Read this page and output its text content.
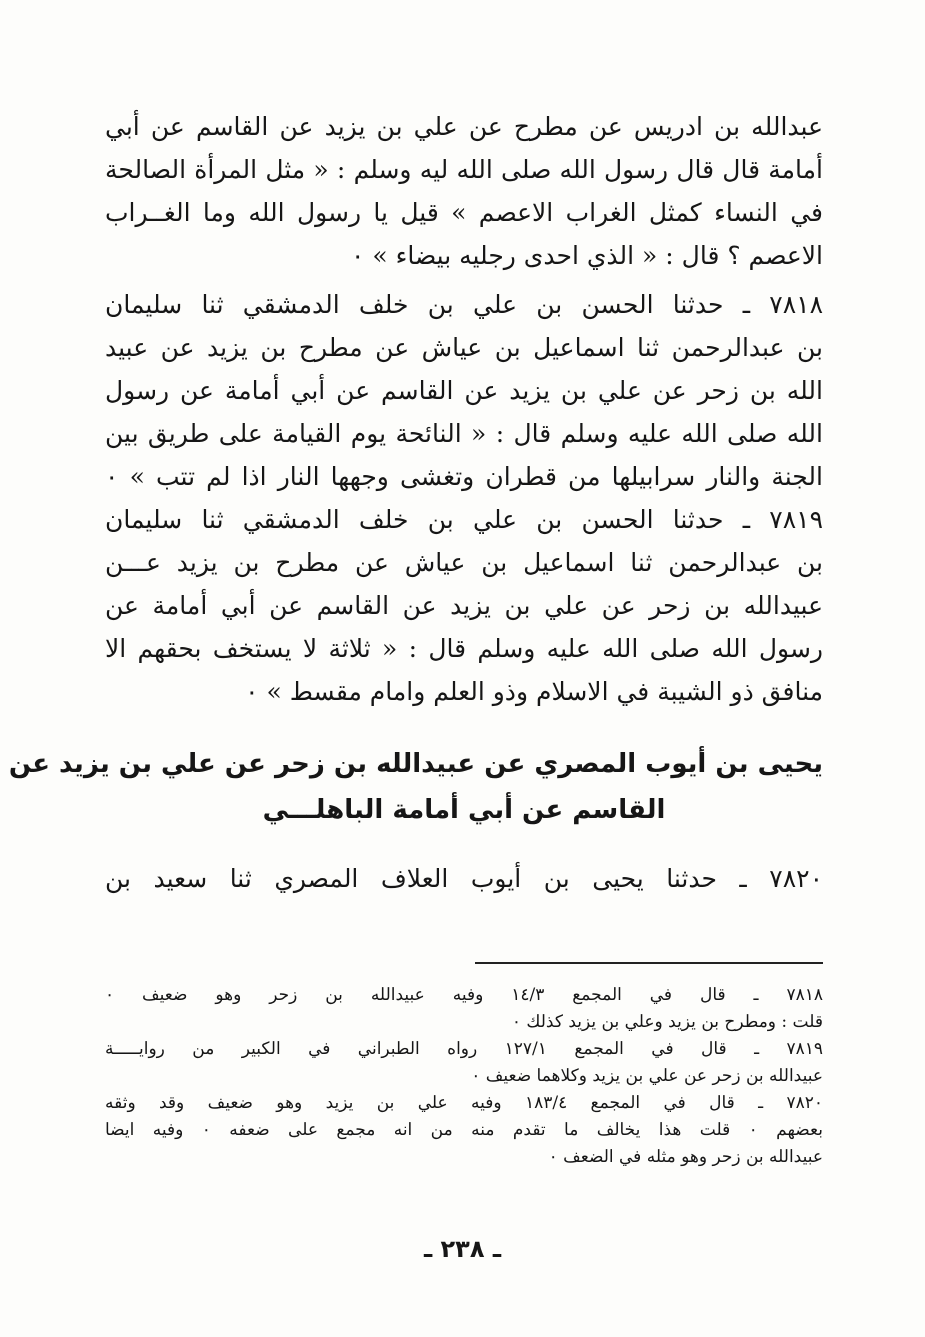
عبدالله بن ادريس عن مطرح عن علي بن يزيد عن القاسم عن أبي
أمامة قال قال رسول الله صلى الله ليه وسلم : « مثل المرأة الصالحة
في النساء كمثل الغراب الاعصم » قيل يا رسول الله وما الغــراب
الاعصم ؟ قال : « الذي احدى رجليه بيضاء » ٠
٧٨١٨ ـ حدثنا الحسن بن علي بن خلف الدمشقي ثنا سليمان
بن عبدالرحمن ثنا اسماعيل بن عياش عن مطرح بن يزيد عن عبيد
الله بن زحر عن علي بن يزيد عن القاسم عن أبي أمامة عن رسول
الله صلى الله عليه وسلم قال : « النائحة يوم القيامة على طريق بين
الجنة والنار سرابيلها من قطران وتغشى وجهها النار اذا لم تتب » ٠
٧٨١٩ ـ حدثنا الحسن بن علي بن خلف الدمشقي ثنا سليمان
بن عبدالرحمن ثنا اسماعيل بن عياش عن مطرح بن يزيد عـــن
عبيدالله بن زحر عن علي بن يزيد عن القاسم عن أبي أمامة عن
رسول الله صلى الله عليه وسلم قال : « ثلاثة لا يستخف بحقهم الا
منافق ذو الشيبة في الاسلام وذو العلم وامام مقسط » ٠
يحيى بن أيوب المصري عن عبيدالله بن زحر عن علي بن يزيد عن
القاسم عن أبي أمامة الباهلـــي
٧٨٢٠ ـ حدثنا يحيى بن أيوب العلاف المصري ثنا سعيد بن
٧٨١٨ ـ قال في المجمع ١٤/٣ وفيه عبيدالله بن زحر وهو ضعيف ٠
قلت : ومطرح بن يزيد وعلي بن يزيد كذلك ٠
٧٨١٩ ـ قال في المجمع ١٢٧/١ رواه الطبراني في الكبير من روايـــــة
عبيدالله بن زحر عن علي بن يزيد وكلاهما ضعيف ٠
٧٨٢٠ ـ قال في المجمع ١٨٣/٤ وفيه علي بن يزيد وهو ضعيف وقد وثقه
بعضهم ٠ قلت هذا يخالف ما تقدم منه من انه مجمع على ضعفه ٠ وفيه ايضا
عبيدالله بن زحر وهو مثله في الضعف ٠
ـ ٢٣٨ ـ
